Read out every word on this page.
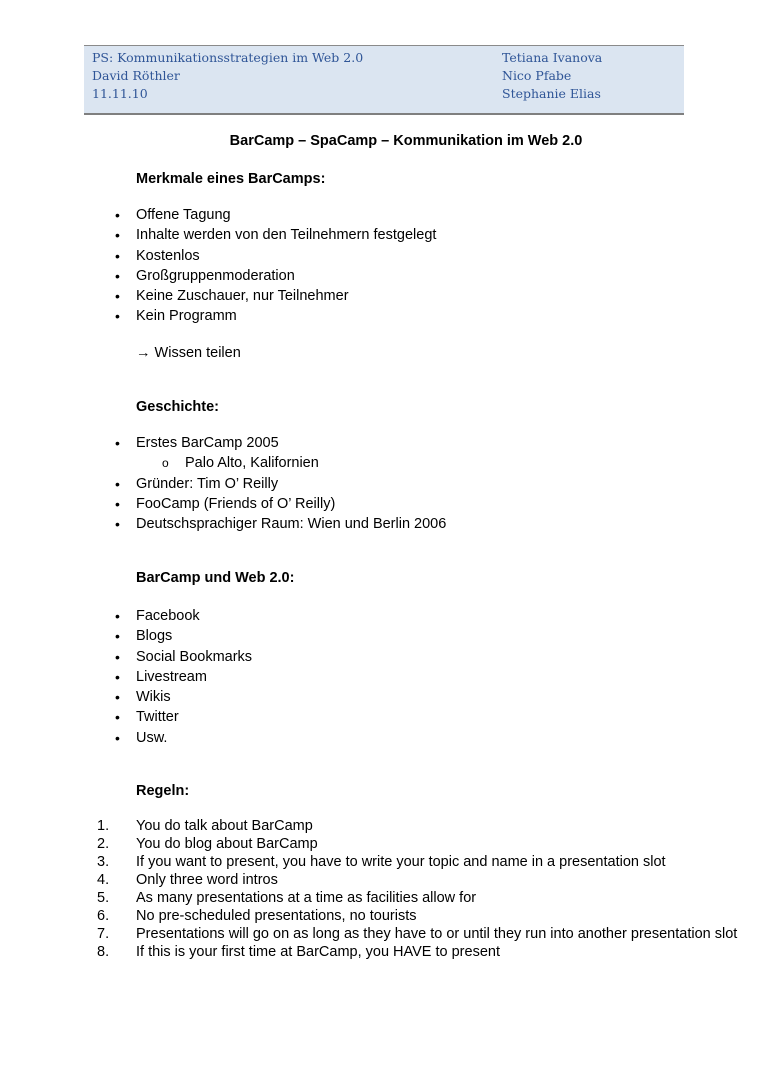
PS: Kommunikationsstrategien im Web 2.0
David Röthler
11.11.10
Tetiana Ivanova
Nico Pfabe
Stephanie Elias
BarCamp – SpaCamp – Kommunikation im Web 2.0
Merkmale eines BarCamps:
• Offene Tagung
• Inhalte werden von den Teilnehmern festgelegt
• Kostenlos
• Großgruppenmoderation
• Keine Zuschauer, nur Teilnehmer
• Kein Programm
→ Wissen teilen
Geschichte:
• Erstes BarCamp 2005
o Palo Alto, Kalifornien
• Gründer: Tim O’ Reilly
• FooCamp (Friends of O’ Reilly)
• Deutschsprachiger Raum: Wien und Berlin 2006
BarCamp und Web 2.0:
• Facebook
• Blogs
• Social Bookmarks
• Livestream
• Wikis
• Twitter
• Usw.
Regeln:
1. You do talk about BarCamp
2. You do blog about BarCamp
3. If you want to present, you have to write your topic and name in a presentation slot
4. Only three word intros
5. As many presentations at a time as facilities allow for
6. No pre-scheduled presentations, no tourists
7. Presentations will go on as long as they have to or until they run into another presentation slot
8. If this is your first time at BarCamp, you HAVE to present
